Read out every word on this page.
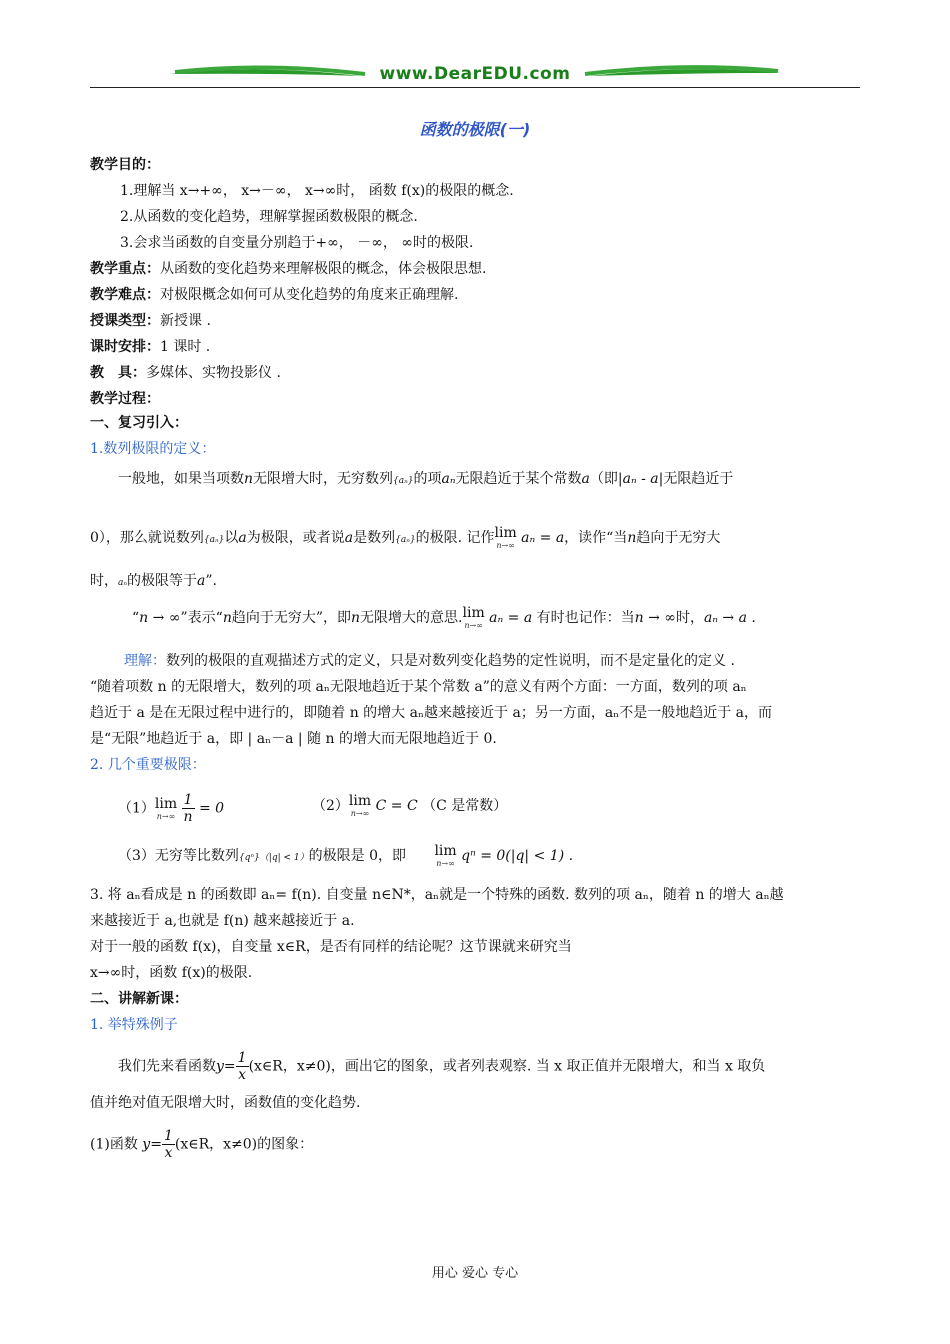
www.DearEDU.com
函数的极限(一)
教学目的：
1.理解当 x→+∞， x→－∞， x→∞时， 函数 f(x)的极限的概念.
2.从函数的变化趋势，理解掌握函数极限的概念.
3.会求当函数的自变量分别趋于+∞， －∞， ∞时的极限.
教学重点：从函数的变化趋势来理解极限的概念，体会极限思想.
教学难点：对极限概念如何可从变化趋势的角度来正确理解.
授课类型：新授课 .
课时安排：1 课时 .
教　具：多媒体、实物投影仪 .
教学过程：
一、复习引入：
1.数列极限的定义：
一般地，如果当项数n无限增大时，无穷数列{aₙ}的项aₙ无限趋近于某个常数a（即|aₙ - a|无限趋近于
0），那么就说数列{aₙ}以a为极限，或者说a是数列{aₙ}的极限. 记作lim
n→∞ aₙ = a，读作“当n趋向于无穷大
时，aₙ的极限等于a”.
“n → ∞”表示“n趋向于无穷大”，即n无限增大的意思.lim
n→∞ aₙ = a 有时也记作：当n → ∞时，aₙ → a .
理解：数列的极限的直观描述方式的定义，只是对数列变化趋势的定性说明，而不是定量化的定义 .
“随着项数 n 的无限增大，数列的项 aₙ无限地趋近于某个常数 a”的意义有两个方面：一方面，数列的项 aₙ
趋近于 a 是在无限过程中进行的，即随着 n 的增大 aₙ越来越接近于 a；另一方面，aₙ不是一般地趋近于 a，而
是“无限”地趋近于 a，即 | aₙ－a | 随 n 的增大而无限地趋近于 0.
2. 几个重要极限：
（1）lim
n→∞
$\frac{1}{n} = 0$	（2）lim
n→∞ C = C （C 是常数）
（3）无穷等比数列{qⁿ}（|q| < 1）的极限是 0，即 lim
n→∞ qⁿ = 0(|q| < 1) .
3. 将 aₙ看成是 n 的函数即 aₙ= f(n). 自变量 n∈N*，aₙ就是一个特殊的函数. 数列的项 aₙ，随着 n 的增大 aₙ越
来越接近于 a,也就是 f(n) 越来越接近于 a.
对于一般的函数 f(x)，自变量 x∈R，是否有同样的结论呢？这节课就来研究当
x→∞时，函数 f(x)的极限.
二、讲解新课：
1. 举特殊例子
我们先来看函数$y= \frac{1}{x}$ (x∈R，x≠0)，画出它的图象，或者列表观察. 当 x 取正值并无限增大，和当 x 取负
值并绝对值无限增大时，函数值的变化趋势.
(1)函数 $y= \frac{1}{x}$ (x∈R，x≠0)的图象：
用心 爱心 专心
